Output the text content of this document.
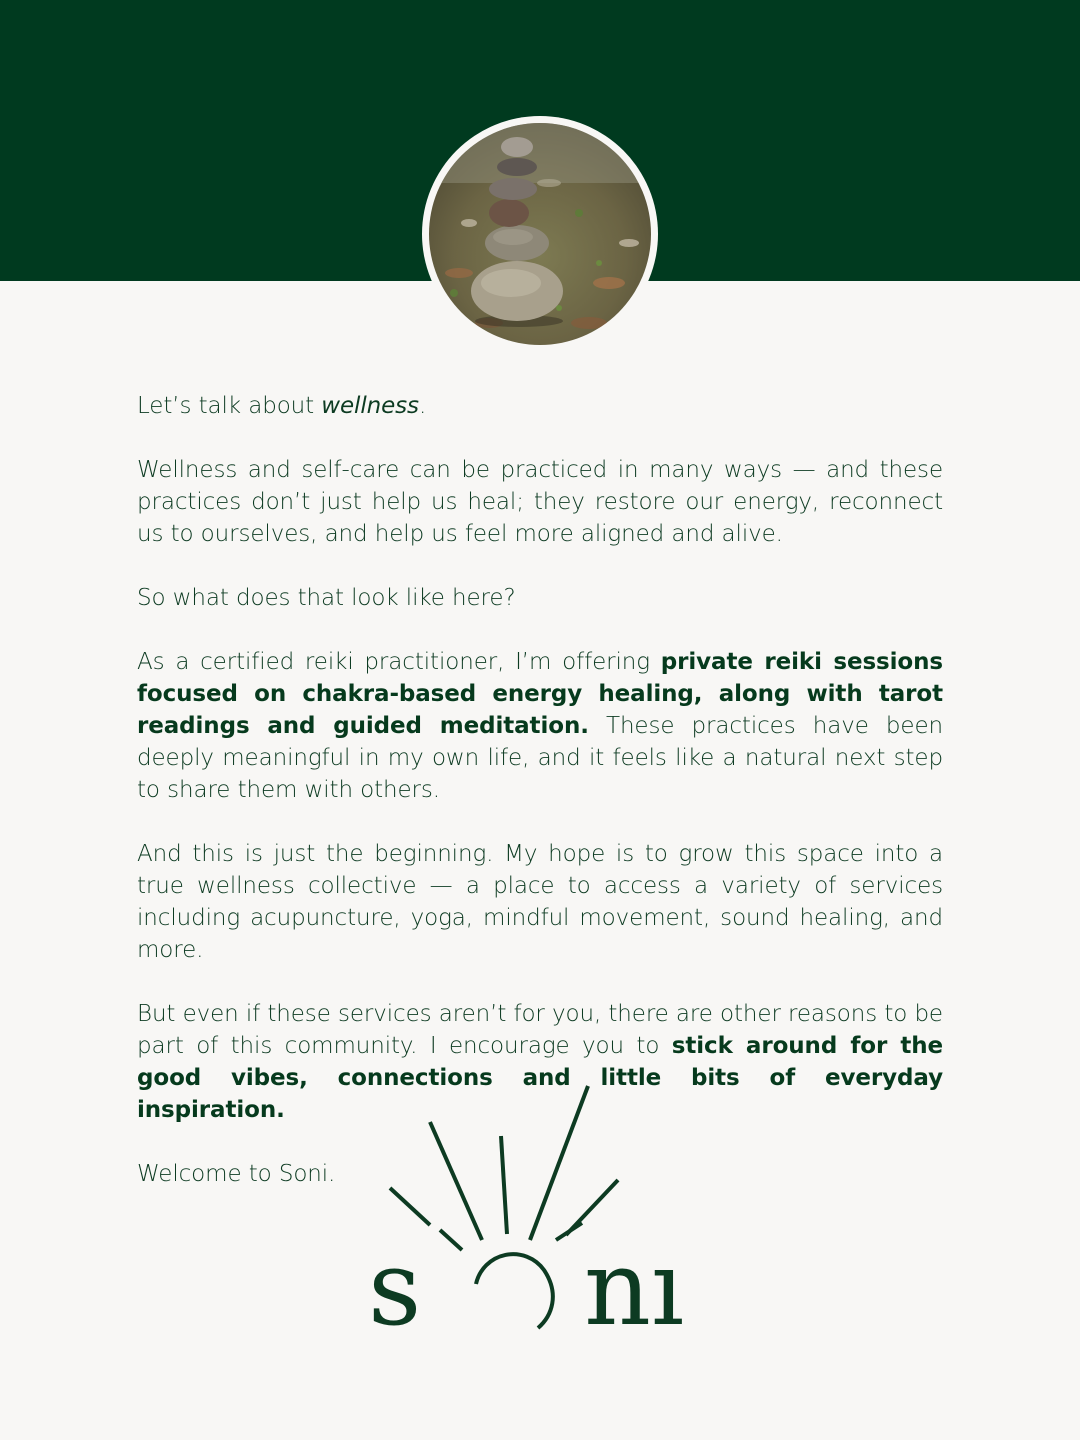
Let’s talk about wellness.

Wellness and self-care can be practiced in many ways — and these practices don’t just help us heal; they restore our energy, reconnect us to ourselves, and help us feel more aligned and alive.

So what does that look like here?

As a certified reiki practitioner, I’m offering private reiki sessions focused on chakra-based energy healing, along with tarot readings and guided meditation. These practices have been deeply meaningful in my own life, and it feels like a natural next step to share them with others.

And this is just the beginning. My hope is to grow this space into a true wellness collective — a place to access a variety of services including acupuncture, yoga, mindful movement, sound healing, and more.

But even if these services aren’t for you, there are other reasons to be part of this community. I encourage you to stick around for the good vibes, connections and little bits of everyday inspiration.

Welcome to Soni.

s nı
